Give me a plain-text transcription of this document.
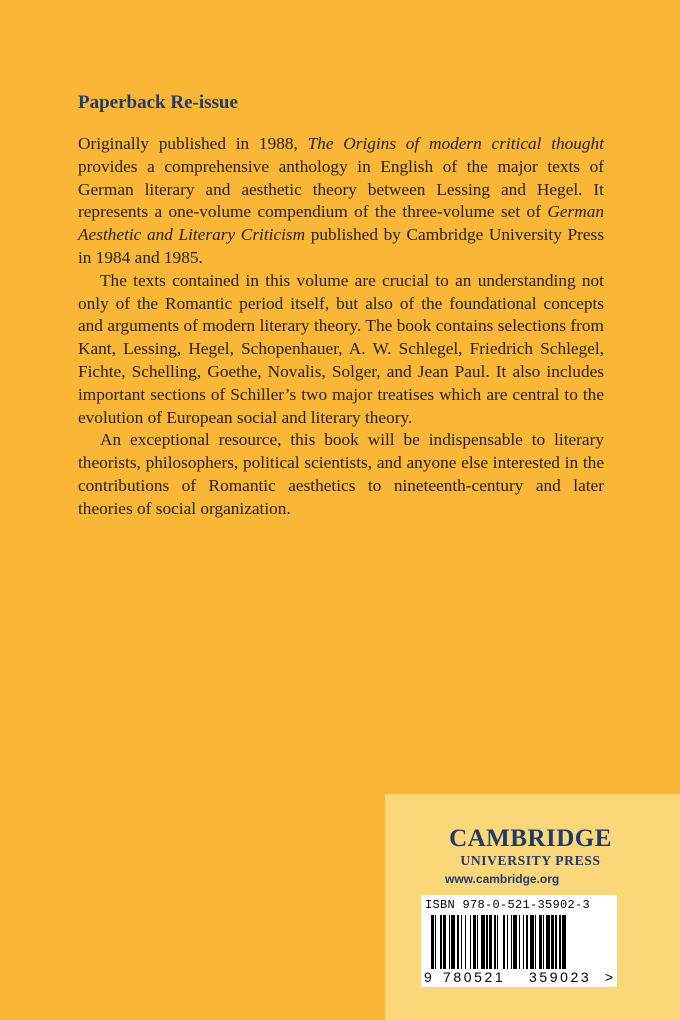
Paperback Re-issue

Originally published in 1988, The Origins of modern critical thought provides a comprehensive anthology in English of the major texts of German literary and aesthetic theory between Lessing and Hegel. It represents a one-volume compendium of the three-volume set of German Aesthetic and Literary Criticism published by Cambridge University Press in 1984 and 1985.

The texts contained in this volume are crucial to an understanding not only of the Romantic period itself, but also of the foundational concepts and arguments of modern literary theory. The book contains selections from Kant, Lessing, Hegel, Schopenhauer, A. W. Schlegel, Friedrich Schlegel, Fichte, Schelling, Goethe, Novalis, Solger, and Jean Paul. It also includes important sections of Schiller’s two major treatises which are central to the evolution of European social and literary theory.

An exceptional resource, this book will be indispensable to literary theorists, philosophers, political scientists, and anyone else interested in the contributions of Romantic aesthetics to nineteenth-century and later theories of social organization.

CAMBRIDGE
UNIVERSITY PRESS
www.cambridge.org
ISBN 978-0-521-35902-3
9 780521 359023 >
